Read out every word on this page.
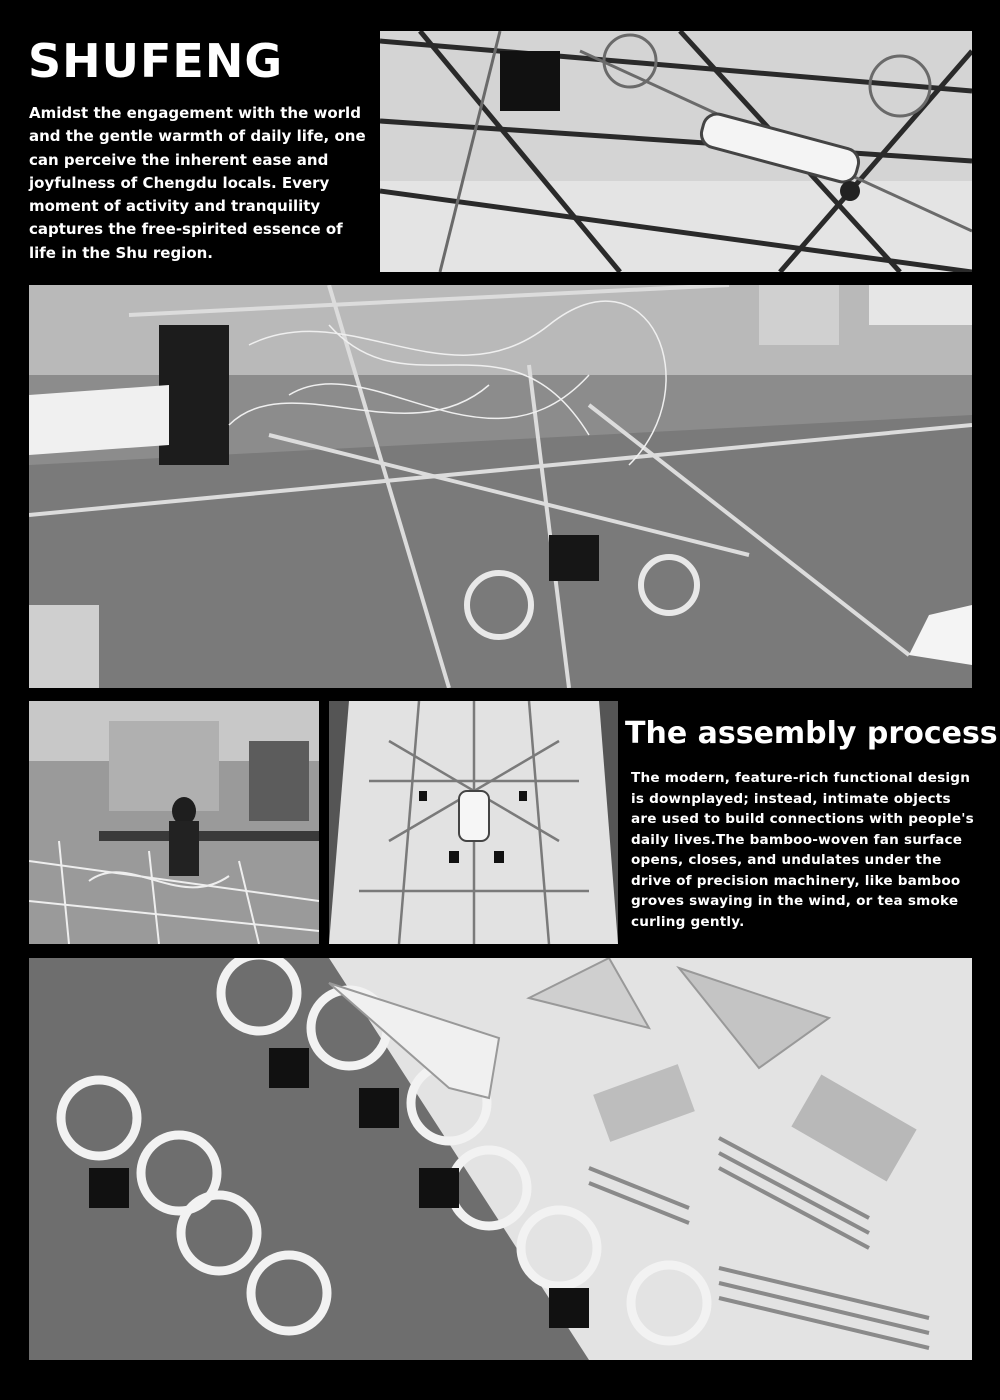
SHUFENG

Amidst the engagement with the world and the gentle warmth of daily life, one can perceive the inherent ease and joyfulness of Chengdu locals. Every moment of activity and tranquility captures the free-spirited essence of life in the Shu region.

The assembly process

The modern, feature-rich functional design is downplayed; instead, intimate objects are used to build connections with people's daily lives.The bamboo-woven fan surface opens, closes, and undulates under the drive of precision machinery, like bamboo groves swaying in the wind, or tea smoke curling gently.
